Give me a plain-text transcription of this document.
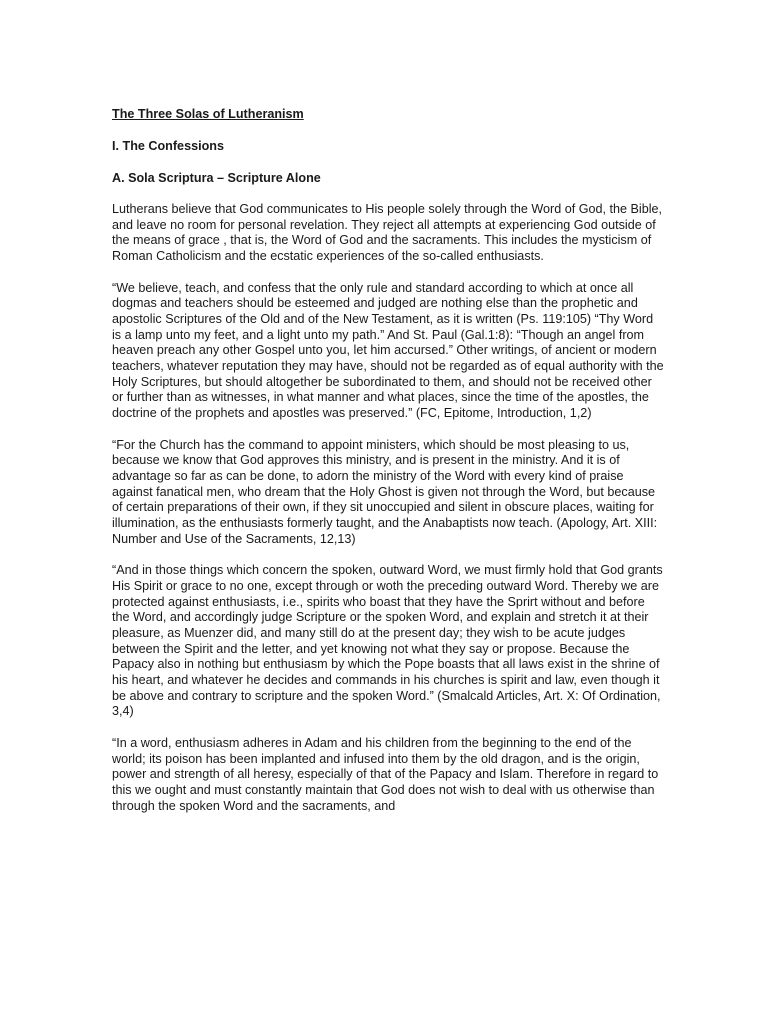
The Three Solas of Lutheranism
I. The Confessions
A. Sola Scriptura – Scripture Alone

Lutherans believe that God communicates to His people solely through the Word of God, the Bible, and leave no room for personal revelation. They reject all attempts at experiencing God outside of the means of grace , that is, the Word of God and the sacraments. This includes the mysticism of Roman Catholicism and the ecstatic experiences of the so-called enthusiasts.

“We believe, teach, and confess that the only rule and standard according to which at once all dogmas and teachers should be esteemed and judged are nothing else than the prophetic and apostolic Scriptures of the Old and of the New Testament, as it is written (Ps. 119:105) “Thy Word is a lamp unto my feet, and a light unto my path.” And St. Paul (Gal.1:8): “Though an angel from heaven preach any other Gospel unto you, let him accursed.” Other writings, of ancient or modern teachers, whatever reputation they may have, should not be regarded as of equal authority with the Holy Scriptures, but should altogether be subordinated to them, and should not be received other or further than as witnesses, in what manner and what places, since the time of the apostles, the doctrine of the prophets and apostles was preserved.” (FC, Epitome, Introduction, 1,2)

“For the Church has the command to appoint ministers, which should be most pleasing to us, because we know that God approves this ministry, and is present in the ministry. And it is of advantage so far as can be done, to adorn the ministry of the Word with every kind of praise against fanatical men, who dream that the Holy Ghost is given not through the Word, but because of certain preparations of their own, if they sit unoccupied and silent in obscure places, waiting for illumination, as the enthusiasts formerly taught, and the Anabaptists now teach. (Apology, Art. XIII: Number and Use of the Sacraments, 12,13)

“And in those things which concern the spoken, outward Word, we must firmly hold that God grants His Spirit or grace to no one, except through or woth the preceding outward Word. Thereby we are protected against enthusiasts, i.e., spirits who boast that they have the Sprirt without and before the Word, and accordingly judge Scripture or the spoken Word, and explain and stretch it at their pleasure, as Muenzer did, and many still do at the present day; they wish to be acute judges between the Spirit and the letter, and yet knowing not what they say or propose. Because the Papacy also in nothing but enthusiasm by which the Pope boasts that all laws exist in the shrine of his heart, and whatever he decides and commands in his churches is spirit and law, even though it be above and contrary to scripture and the spoken Word.” (Smalcald Articles, Art. X: Of Ordination, 3,4)

“In a word, enthusiasm adheres in Adam and his children from the beginning to the end of the world; its poison has been implanted and infused into them by the old dragon, and is the origin, power and strength of all heresy, especially of that of the Papacy and Islam. Therefore in regard to this we ought and must constantly maintain that God does not wish to deal with us otherwise than through the spoken Word and the sacraments, and
